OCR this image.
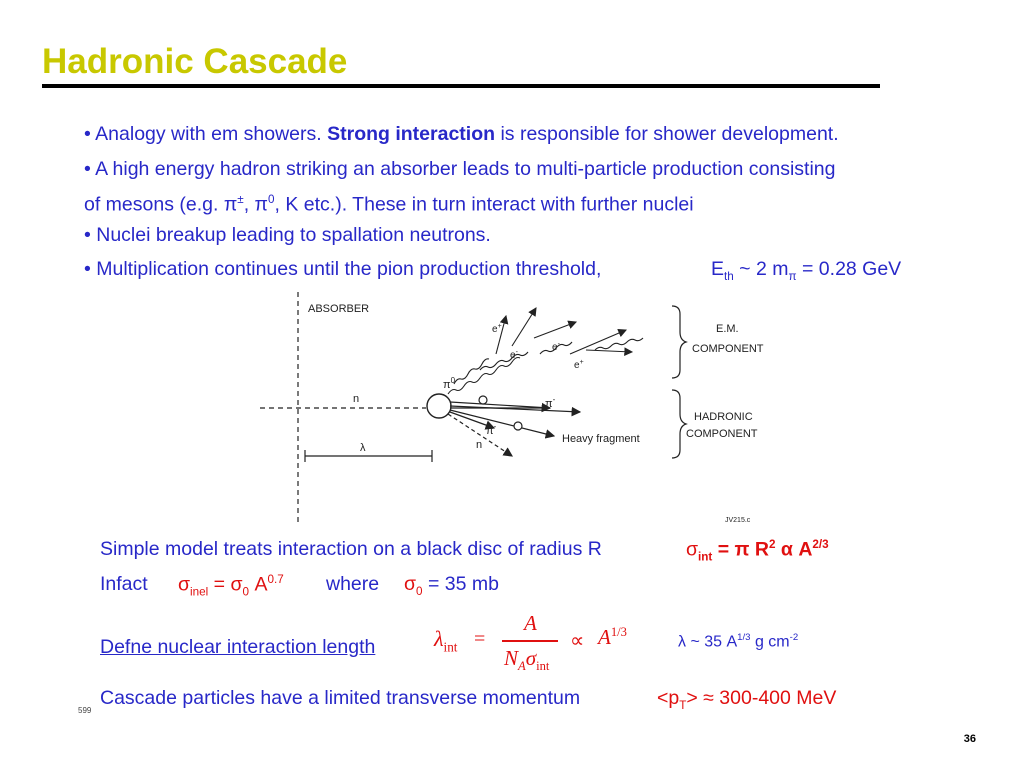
Hadronic Cascade
• Analogy with em showers. Strong interaction is responsible for shower development.
• A high energy hadron striking an absorber leads to multi-particle production consisting
of mesons (e.g. π±, $\pi^0$, K etc.). These in turn interact with further nuclei
• Nuclei breakup leading to spallation neutrons.
• Multiplication continues until the pion production threshold,	$E_{th}$ ~ 2 $m_\pi = 0.28$ GeV
ABSORBER
n
λ
$\pi^0$
π-
Heavy fragment
π-
n
e+
e-	e-
e+
E.M.
COMPONENT
HADRONIC
COMPONENT
JV215.c
Simple model treats interaction on a black disc of radius R	$\sigma_{int} = \pi$ $R^2$ α $A^{2/3}$
Infact $\sigma_{inel} = \sigma_0$ $A^{0.7}$ where $\sigma_0 = 35$ mb
Defne nuclear interaction length	$\lambda_{int}$ =
A
$N_A\sigma_{int}$
∝ $A^{1/3}$
λ ~ 35 $A^{1/3}$ g $cm^{-2}$
Cascade particles have a limited transverse momentum	$<p_T> \approx 300-400$ MeV
599
36
